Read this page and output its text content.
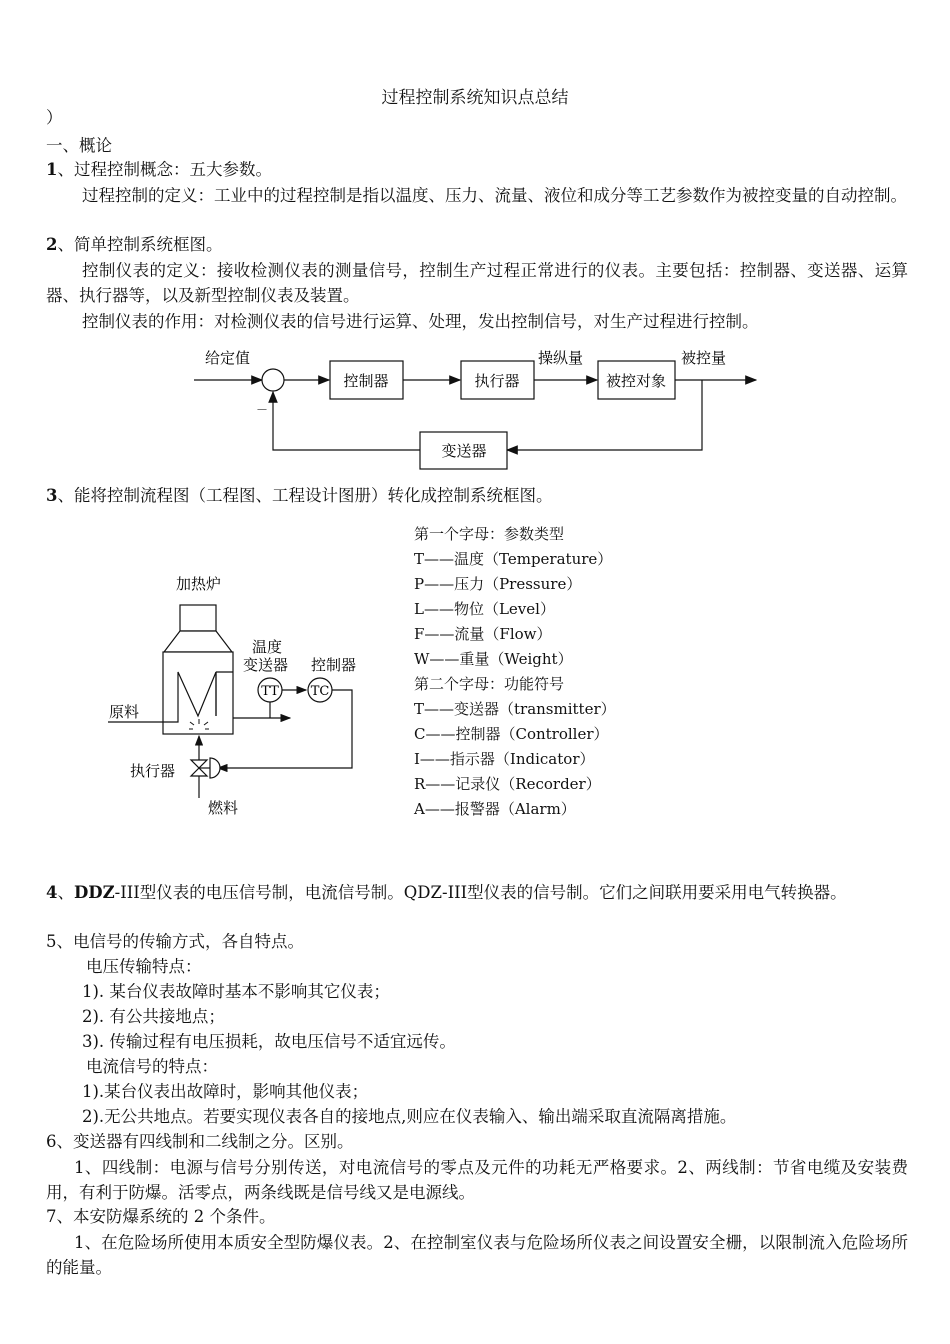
过程控制系统知识点总结
）
一、概论
1、过程控制概念：五大参数。
过程控制的定义：工业中的过程控制是指以温度、压力、流量、液位和成分等工艺参数作为被控变量的自动控制。
2、简单控制系统框图。
控制仪表的定义：接收检测仪表的测量信号，控制生产过程正常进行的仪表。主要包括：控制器、变送器、运算器、执行器等，以及新型控制仪表及装置。
控制仪表的作用：对检测仪表的信号进行运算、处理，发出控制信号，对生产过程进行控制。
给定值
－
控制器	执行器
操纵量
被控对象
被控量
变送器
3、能将控制流程图（工程图、工程设计图册）转化成控制系统框图。
加热炉
原料
温度
变送器 控制器
TT TC
执行器
燃料
第一个字母：参数类型
T——温度（Temperature）
P——压力（Pressure）
L——物位（Level）
F——流量（Flow）
W——重量（Weight）
第二个字母：功能符号
T——变送器（transmitter）
C——控制器（Controller）
I——指示器（Indicator）
R——记录仪（Recorder）
A——报警器（Alarm）
4、DDZ-III型仪表的电压信号制，电流信号制。QDZ-III型仪表的信号制。它们之间联用要采用电气转换器。
5、电信号的传输方式，各自特点。
电压传输特点：
1). 某台仪表故障时基本不影响其它仪表；
2). 有公共接地点；
3). 传输过程有电压损耗，故电压信号不适宜远传。
电流信号的特点：
1).某台仪表出故障时，影响其他仪表；
2).无公共地点。若要实现仪表各自的接地点,则应在仪表输入、输出端采取直流隔离措施。
6、变送器有四线制和二线制之分。区别。
1、四线制：电源与信号分别传送，对电流信号的零点及元件的功耗无严格要求。2、两线制：节省电缆及安装费用，有利于防爆。活零点，两条线既是信号线又是电源线。
7、本安防爆系统的 2 个条件。
1、在危险场所使用本质安全型防爆仪表。2、在控制室仪表与危险场所仪表之间设置安全栅，以限制流入危险场所的能量。
